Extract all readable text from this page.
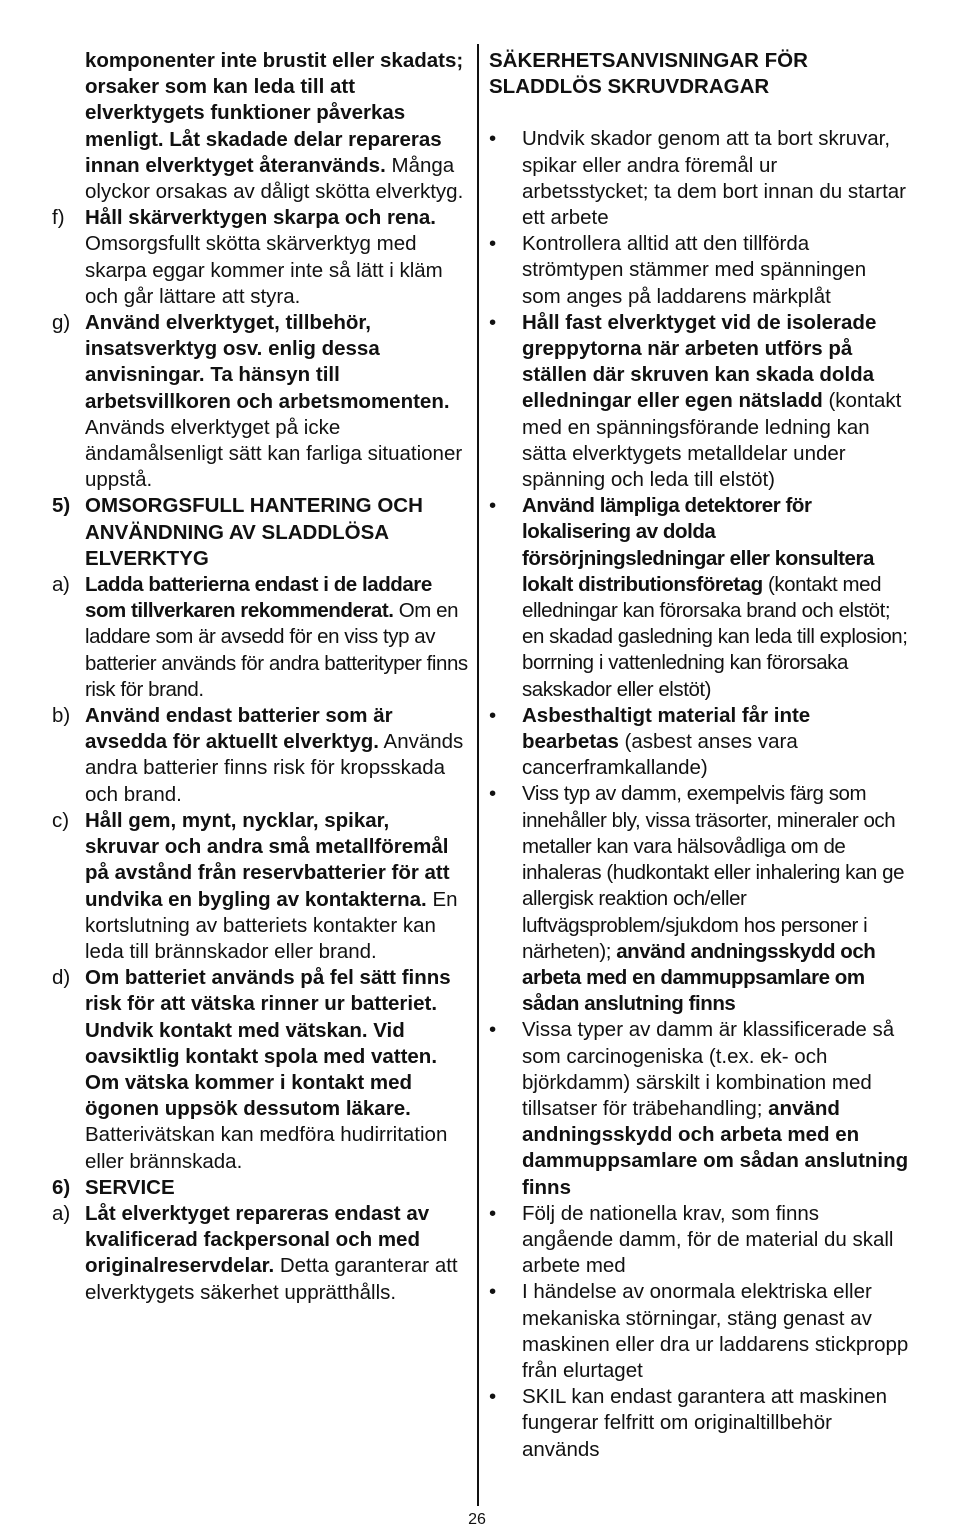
komponenter inte brustit eller skadats; orsaker som kan leda till att elverktygets funktioner påverkas menligt. Låt skadade delar repareras innan elverktyget återanvänds. Många olyckor orsakas av dåligt skötta elverktyg.
f) Håll skärverktygen skarpa och rena. Omsorgsfullt skötta skärverktyg med skarpa eggar kommer inte så lätt i kläm och går lättare att styra.
g) Använd elverktyget, tillbehör, insatsverktyg osv. enlig dessa anvisningar. Ta hänsyn till arbetsvillkoren och arbetsmomenten. Används elverktyget på icke ändamålsenligt sätt kan farliga situationer uppstå.
5) OMSORGSFULL HANTERING OCH ANVÄNDNING AV SLADDLÖSA ELVERKTYG
a) Ladda batterierna endast i de laddare som tillverkaren rekommenderat. Om en laddare som är avsedd för en viss typ av batterier används för andra batterityper finns risk för brand.
b) Använd endast batterier som är avsedda för aktuellt elverktyg. Används andra batterier finns risk för kropsskada och brand.
c) Håll gem, mynt, nycklar, spikar, skruvar och andra små metallföremål på avstånd från reservbatterier för att undvika en bygling av kontakterna. En kortslutning av batteriets kontakter kan leda till brännskador eller brand.
d) Om batteriet används på fel sätt finns risk för att vätska rinner ur batteriet. Undvik kontakt med vätskan. Vid oavsiktlig kontakt spola med vatten. Om vätska kommer i kontakt med ögonen uppsök dessutom läkare. Batterivätskan kan medföra hudirritation eller brännskada.
6) SERVICE
a) Låt elverktyget repareras endast av kvalificerad fackpersonal och med originalreservdelar. Detta garanterar att elverktygets säkerhet upprätthålls.
SÄKERHETSANVISNINGAR FÖR SLADDLÖS SKRUVDRAGAR
• Undvik skador genom att ta bort skruvar, spikar eller andra föremål ur arbetsstycket; ta dem bort innan du startar ett arbete
• Kontrollera alltid att den tillförda strömtypen stämmer med spänningen som anges på laddarens märkplåt
• Håll fast elverktyget vid de isolerade greppytorna när arbeten utförs på ställen där skruven kan skada dolda elledningar eller egen nätsladd (kontakt med en spänningsförande ledning kan sätta elverktygets metalldelar under spänning och leda till elstöt)
• Använd lämpliga detektorer för lokalisering av dolda försörjningsledningar eller konsultera lokalt distributionsföretag (kontakt med elledningar kan förorsaka brand och elstöt; en skadad gasledning kan leda till explosion; borrning i vattenledning kan förorsaka sakskador eller elstöt)
• Asbesthaltigt material får inte bearbetas (asbest anses vara cancerframkallande)
• Viss typ av damm, exempelvis färg som innehåller bly, vissa träsorter, mineraler och metaller kan vara hälsovådliga om de inhaleras (hudkontakt eller inhalering kan ge allergisk reaktion och/eller luftvägsproblem/sjukdom hos personer i närheten); använd andningsskydd och arbeta med en dammuppsamlare om sådan anslutning finns
• Vissa typer av damm är klassificerade så som carcinogeniska (t.ex. ek- och björkdamm) särskilt i kombination med tillsatser för träbehandling; använd andningsskydd och arbeta med en dammuppsamlare om sådan anslutning finns
• Följ de nationella krav, som finns angående damm, för de material du skall arbete med
• I händelse av onormala elektriska eller mekaniska störningar, stäng genast av maskinen eller dra ur laddarens stickpropp från elurtaget
• SKIL kan endast garantera att maskinen fungerar felfritt om originaltillbehör används
26
